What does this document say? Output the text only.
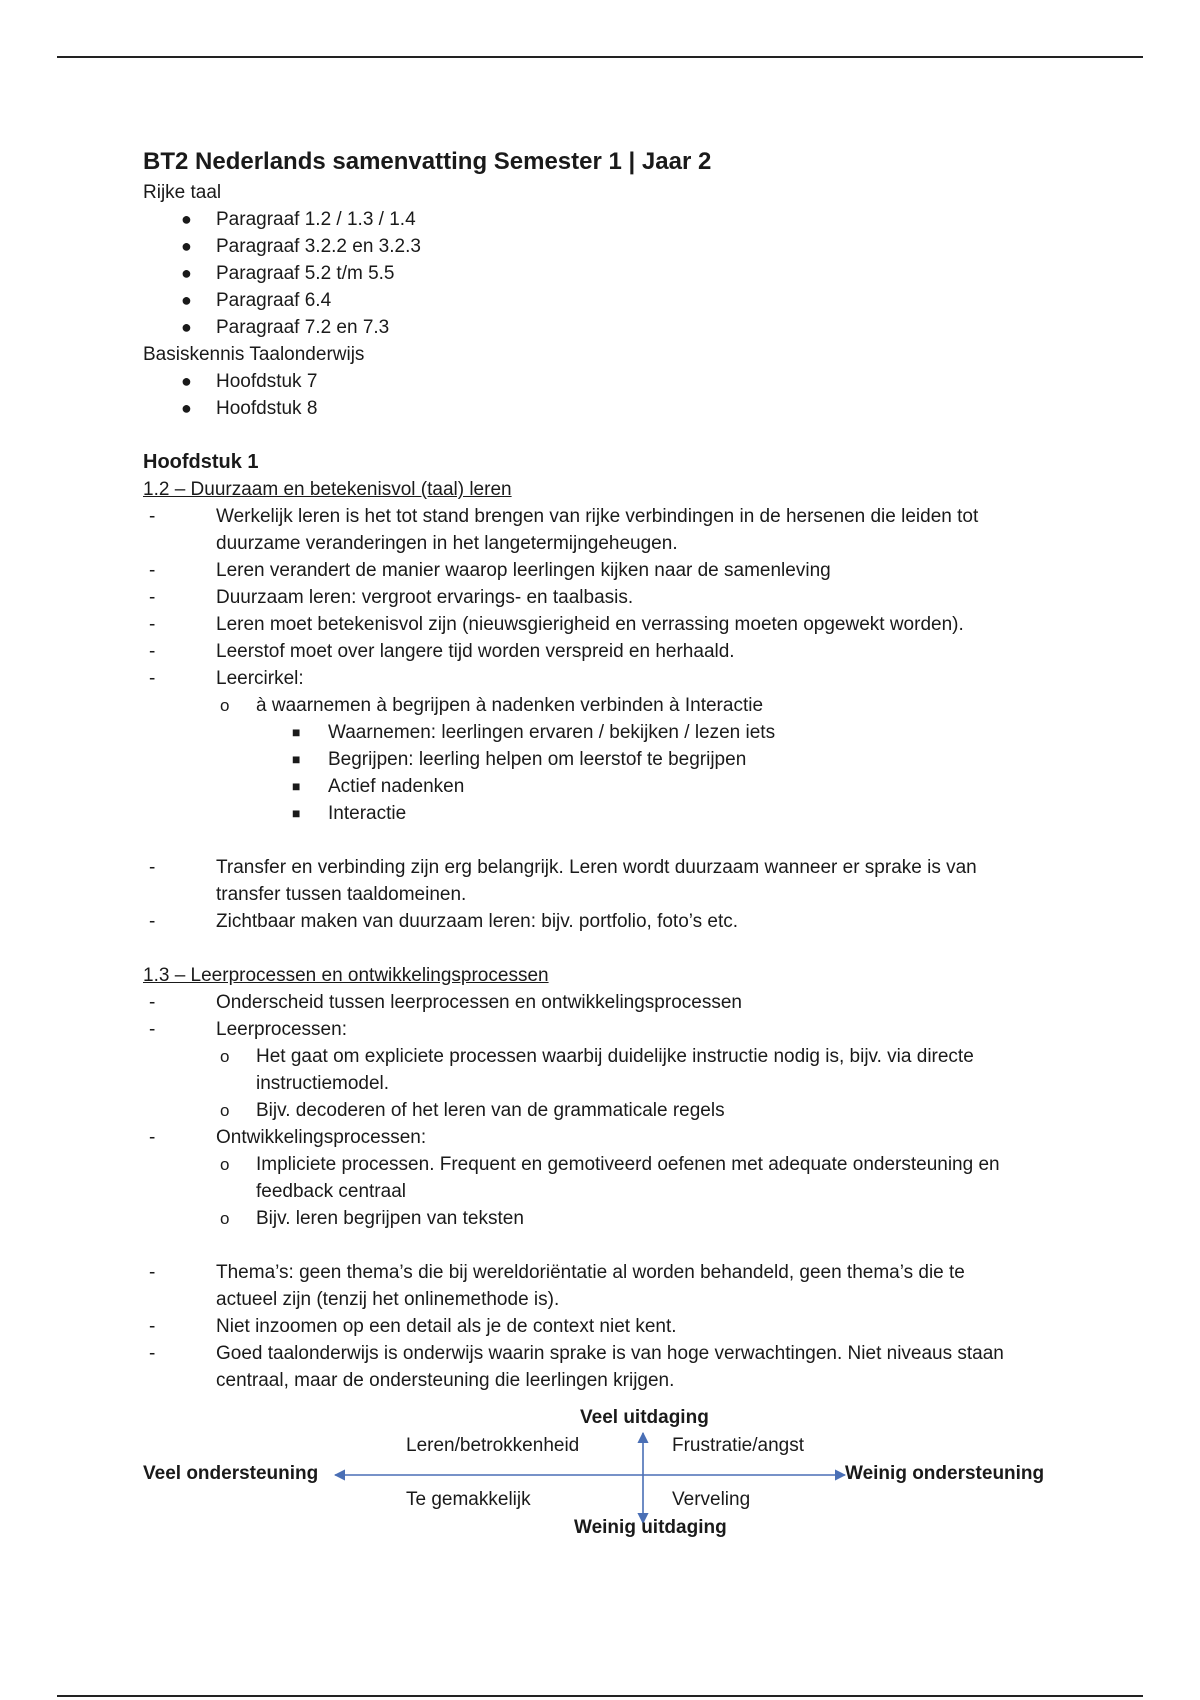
BT2 Nederlands samenvatting Semester 1 | Jaar 2
Rijke taal
● Paragraaf 1.2 / 1.3 / 1.4
● Paragraaf 3.2.2 en 3.2.3
● Paragraaf 5.2 t/m 5.5
● Paragraaf 6.4
● Paragraaf 7.2 en 7.3
Basiskennis Taalonderwijs
● Hoofdstuk 7
● Hoofdstuk 8
Hoofdstuk 1
1.2 – Duurzaam en betekenisvol (taal) leren
-	Werkelijk leren is het tot stand brengen van rijke verbindingen in de hersenen die leiden tot
duurzame veranderingen in het langetermijngeheugen.
-	Leren verandert de manier waarop leerlingen kijken naar de samenleving
-	Duurzaam leren: vergroot ervarings- en taalbasis.
-	Leren moet betekenisvol zijn (nieuwsgierigheid en verrassing moeten opgewekt worden).
-	Leerstof moet over langere tijd worden verspreid en herhaald.
-	Leercirkel:
o à waarnemen à begrijpen à nadenken verbinden à Interactie
■ Waarnemen: leerlingen ervaren / bekijken / lezen iets
■ Begrijpen: leerling helpen om leerstof te begrijpen
■ Actief nadenken
■ Interactie
-	Transfer en verbinding zijn erg belangrijk. Leren wordt duurzaam wanneer er sprake is van
transfer tussen taaldomeinen.
-	Zichtbaar maken van duurzaam leren: bijv. portfolio, foto’s etc.
1.3 – Leerprocessen en ontwikkelingsprocessen
-	Onderscheid tussen leerprocessen en ontwikkelingsprocessen
-	Leerprocessen:
o Het gaat om expliciete processen waarbij duidelijke instructie nodig is, bijv. via directe
instructiemodel.
o Bijv. decoderen of het leren van de grammaticale regels
-	Ontwikkelingsprocessen:
o Impliciete processen. Frequent en gemotiveerd oefenen met adequate ondersteuning en
feedback centraal
o Bijv. leren begrijpen van teksten
-	Thema’s: geen thema’s die bij wereldoriëntatie al worden behandeld, geen thema’s die te
actueel zijn (tenzij het onlinemethode is).
-	Niet inzoomen op een detail als je de context niet kent.
-	Goed taalonderwijs is onderwijs waarin sprake is van hoge verwachtingen. Niet niveaus staan
centraal, maar de ondersteuning die leerlingen krijgen.
Veel uitdaging
Weinig uitdaging
Veel ondersteuning	Weinig ondersteuning
Leren/betrokkenheid	Frustratie/angst
Te gemakkelijk	Verveling
